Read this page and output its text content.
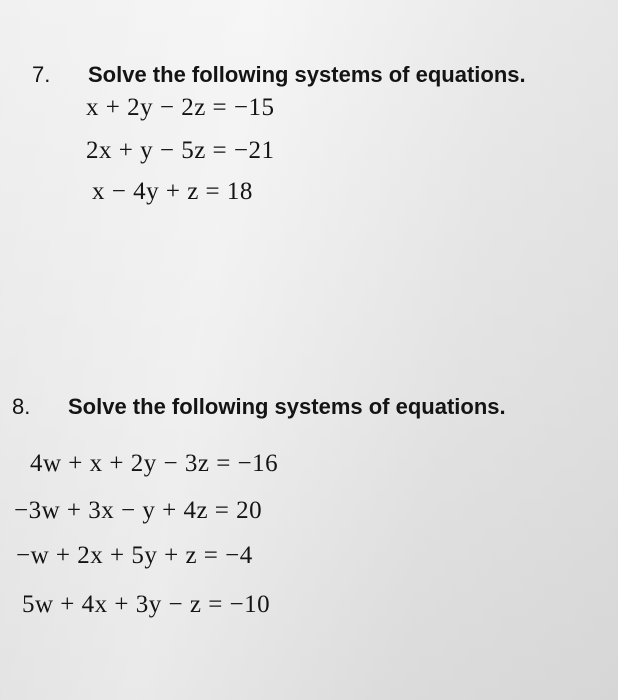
7. Solve the following systems of equations.
x + 2y − 2z = −15
2x + y − 5z = −21
x − 4y + z = 18
8. Solve the following systems of equations.
4w + x + 2y − 3z = −16
−3w + 3x − y + 4z = 20
−w + 2x + 5y + z = −4
5w + 4x + 3y − z = −10
